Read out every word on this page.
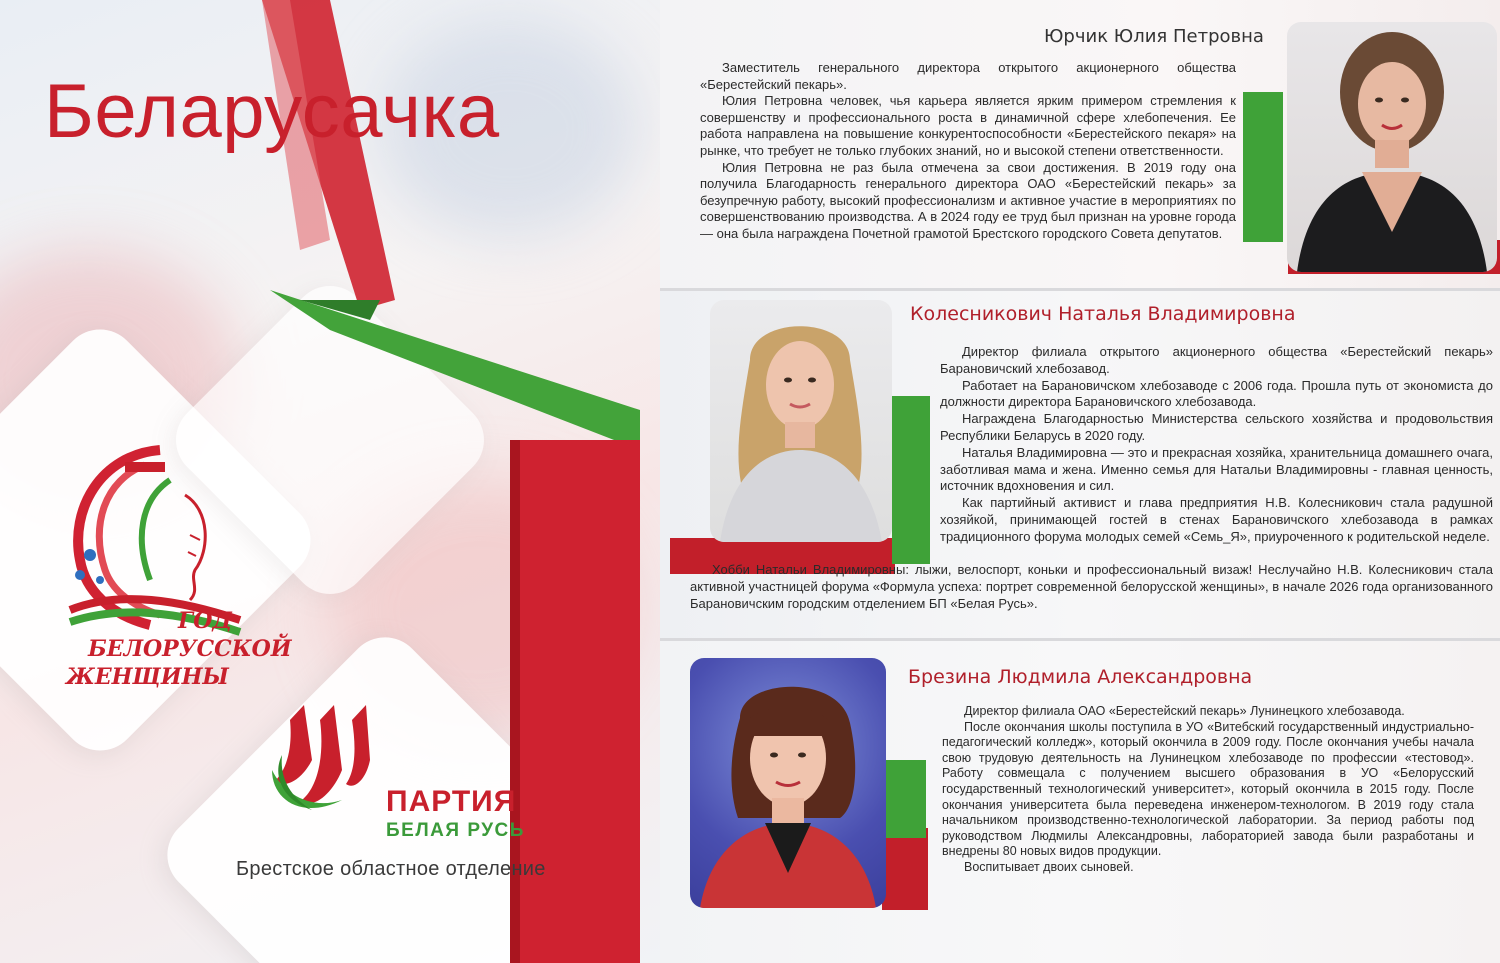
Беларусачка
ГОД
БЕЛОРУССКОЙ
ЖЕНЩИНЫ
ПАРТИЯ
БЕЛАЯ РУСЬ
Брестское областное отделение
Юрчик Юлия Петровна

Заместитель генерального директора открытого акционерного общества «Берестейский пекарь».

Юлия Петровна человек, чья карьера является ярким примером стремления к совершенству и профессионального роста в динамичной сфере хлебопечения. Ее работа направлена на повышение конкурентоспособности «Берестейского пекаря» на рынке, что требует не только глубоких знаний, но и высокой степени ответственности.

Юлия Петровна не раз была отмечена за свои достижения. В 2019 году она получила Благодарность генерального директора ОАО «Берестейский пекарь» за безупречную работу, высокий профессионализм и активное участие в мероприятиях по совершенствованию производства. А в 2024 году ее труд был признан на уровне города — она была награждена Почетной грамотой Брестского городского Совета депутатов.

Колесникович Наталья Владимировна

Директор филиала открытого акционерного общества «Берестейский пекарь» Барановичский хлебозавод.

Работает на Барановичском хлебозаводе с 2006 года. Прошла путь от экономиста до должности директора Барановичского хлебозавода.

Награждена Благодарностью Министерства сельского хозяйства и продовольствия Республики Беларусь в 2020 году.

Наталья Владимировна — это и прекрасная хозяйка, хранительница домашнего очага, заботливая мама и жена. Именно семья для Натальи Владимировны - главная ценность, источник вдохновения и сил.

Как партийный активист и глава предприятия Н.В. Колесникович стала радушной хозяйкой, принимающей гостей в стенах Барановичского хлебозавода в рамках традиционного форума молодых семей «Семь_Я», приуроченного к родительской неделе.

Хобби Натальи Владимировны: лыжи, велоспорт, коньки и профессиональный визаж! Неслучайно Н.В. Колесникович стала активной участницей форума «Формула успеха: портрет современной белорусской женщины», в начале 2026 года организованного Барановичским городским отделением БП «Белая Русь».

Брезина Людмила Александровна

Директор филиала ОАО «Берестейский пекарь» Лунинецкого хлебозавода.

После окончания школы поступила в УО «Витебский государственный индустриально-педагогический колледж», который окончила в 2009 году. После окончания учебы начала свою трудовую деятельность на Лунинецком хлебозаводе по профессии «тестовод». Работу совмещала с получением высшего образования в УО «Белорусский государственный технологический университет», который окончила в 2015 году. После окончания университета была переведена инженером-технологом. В 2019 году стала начальником производственно-технологической лаборатории. За период работы под руководством Людмилы Александровны, лабораторией завода были разработаны и внедрены 80 новых видов продукции.

Воспитывает двоих сыновей.
